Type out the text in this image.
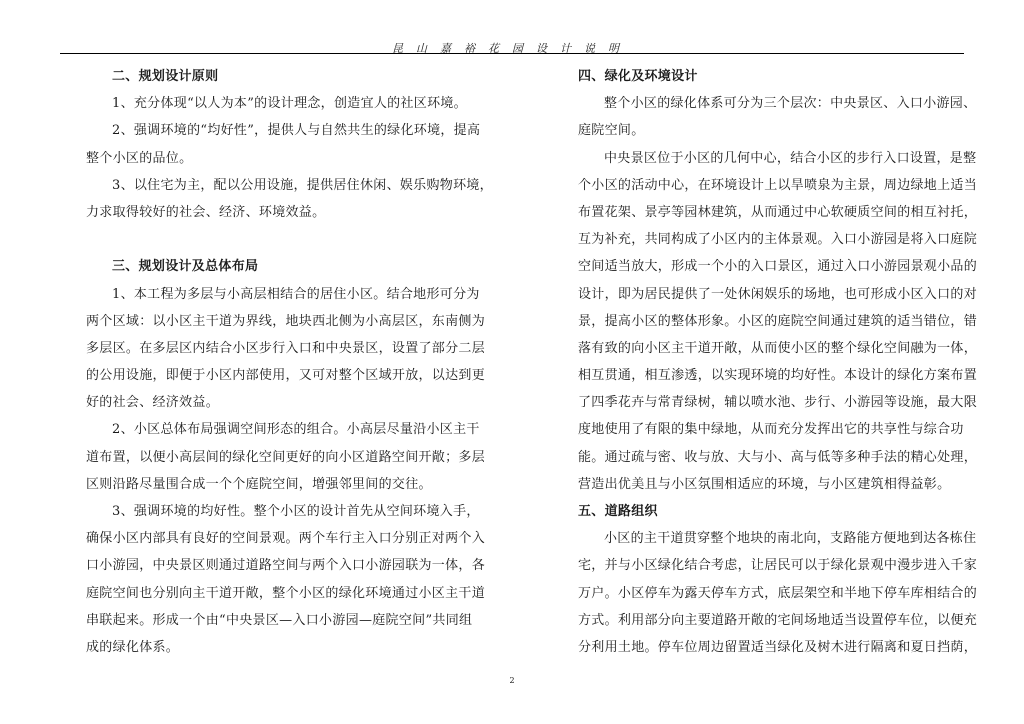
昆山嘉裕花园设计说明
二、规划设计原则
1、充分体现“以人为本”的设计理念，创造宜人的社区环境。
2、强调环境的“均好性”，提供人与自然共生的绿化环境，提高
整个小区的品位。
3、以住宅为主，配以公用设施，提供居住休闲、娱乐购物环境，
力求取得较好的社会、经济、环境效益。
三、规划设计及总体布局
1、本工程为多层与小高层相结合的居住小区。结合地形可分为
两个区域：以小区主干道为界线，地块西北侧为小高层区，东南侧为
多层区。在多层区内结合小区步行入口和中央景区，设置了部分二层
的公用设施，即便于小区内部使用，又可对整个区域开放，以达到更
好的社会、经济效益。
2、小区总体布局强调空间形态的组合。小高层尽量沿小区主干
道布置，以便小高层间的绿化空间更好的向小区道路空间开敞；多层
区则沿路尽量围合成一个个庭院空间，增强邻里间的交往。
3、强调环境的均好性。整个小区的设计首先从空间环境入手，
确保小区内部具有良好的空间景观。两个车行主入口分别正对两个入
口小游园，中央景区则通过道路空间与两个入口小游园联为一体，各
庭院空间也分别向主干道开敞，整个小区的绿化环境通过小区主干道
串联起来。形成一个由“中央景区—入口小游园—庭院空间”共同组
成的绿化体系。
四、绿化及环境设计
整个小区的绿化体系可分为三个层次：中央景区、入口小游园、
庭院空间。
中央景区位于小区的几何中心，结合小区的步行入口设置，是整
个小区的活动中心，在环境设计上以旱喷泉为主景，周边绿地上适当
布置花架、景亭等园林建筑，从而通过中心软硬质空间的相互衬托，
互为补充，共同构成了小区内的主体景观。入口小游园是将入口庭院
空间适当放大，形成一个小的入口景区，通过入口小游园景观小品的
设计，即为居民提供了一处休闲娱乐的场地，也可形成小区入口的对
景，提高小区的整体形象。小区的庭院空间通过建筑的适当错位，错
落有致的向小区主干道开敞，从而使小区的整个绿化空间融为一体，
相互贯通，相互渗透，以实现环境的均好性。本设计的绿化方案布置
了四季花卉与常青绿树，辅以喷水池、步行、小游园等设施，最大限
度地使用了有限的集中绿地，从而充分发挥出它的共享性与综合功
能。通过疏与密、收与放、大与小、高与低等多种手法的精心处理，
营造出优美且与小区氛围相适应的环境，与小区建筑相得益彰。
五、道路组织
小区的主干道贯穿整个地块的南北向，支路能方便地到达各栋住
宅，并与小区绿化结合考虑，让居民可以于绿化景观中漫步进入千家
万户。小区停车为露天停车方式，底层架空和半地下停车库相结合的
方式。利用部分向主要道路开敞的宅间场地适当设置停车位，以便充
分利用土地。停车位周边留置适当绿化及树木进行隔离和夏日挡荫，
2
